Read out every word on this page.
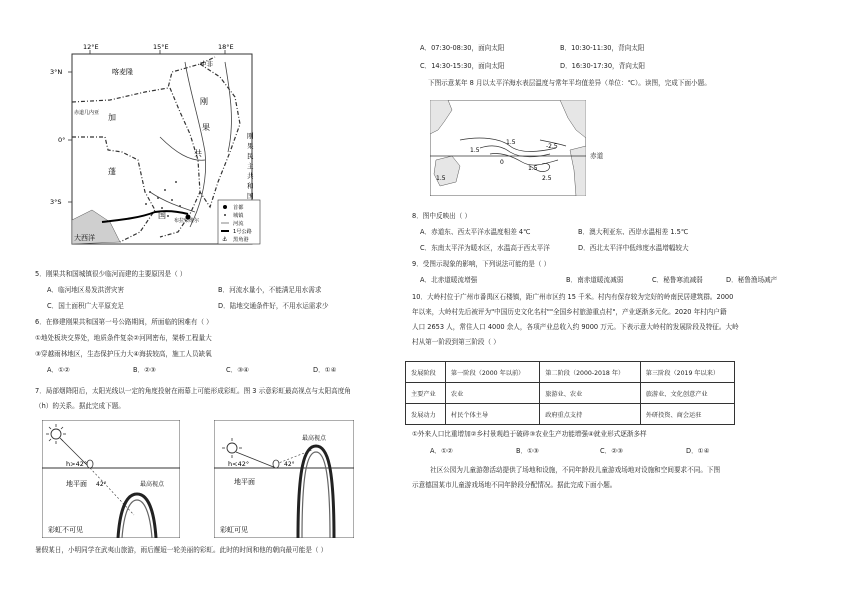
12°E	15°E	18°E
3°N
0°
3°S
喀麦隆
中非
赤道几内亚 加
蓬
刚
果
共
国
刚
果
民
主
共
和
国
大西洋
布拉柴维尔
首都
城镇
河流
1号公路
⚓ 黑角港
5．刚果共和国城镇很少临河而建的主要原因是（ ）
A．临河地区易发洪涝灾害	B．河流水量小，不能满足用水需求
C．国土面积广大平原充足	D．陆地交通条件好，不用水运需求少
6．在修建刚果共和国第一号公路期间，所面临的困难有（ ）
①地处板块交界处，地质条件复杂②河网密布，架桥工程量大
③穿越雨林地区，生态保护压力大④海拔较高，施工人员缺氧
A．①②	B．②③	C．③④	D．①④
7．局部烟降阳后，太阳光线以一定的角度投射在雨幕上可能形成彩虹。图 3 示意彩虹最高视点与太阳高度角
（h）的关系。据此完成下题。
h>42°
42°
地平面	最高视点
彩虹不可见
h<42°	42°
地平面
最高视点
彩虹可见
暑假某日，小明同学在武夷山旅游，雨后邂逅一轮美丽的彩虹。此时的时间和他的朝向最可能是（ ）
A．07:30-08:30，面向太阳	B．10:30-11:30，背向太阳
C．14:30-15:30，面向太阳	D．16:30-17:30，背向太阳
下图示意某年 8 月以太平洋海水表层温度与常年平均值差异（单位：℃）。读图，完成下面小题。
1.5
1.5
-2.5
0
1.5	2.5
1.5
赤道
8．图中反映出（ ）
A．赤道东、西太平洋水温度相差 4℃	B．澳大利亚东、西岸水温相差 1.5℃
C．东南太平洋为暖水区，水温高于西太平洋	D．西北太平洋中低纬度水温增幅较大
9．受图示现象的影响，下列说法可能的是（ ）
A．北赤道暖流增强	B．南赤道暖流减弱	C．秘鲁寒流减弱	D．秘鲁渔场减产
10．大岭村位于广州市番禺区石楼镇，距广州市区约 15 千米。村内有保存较为完好的岭南民居建筑群。2000
年以来，大岭村先后被评为"中国历史文化名村""全国乡村旅游重点村"，产业逐渐多元化。2020 年村内户籍
人口 2653 人，常住人口 4000 余人，各项产业总收入约 9000 万元。下表示意大岭村的发展阶段及特征。大岭
村从第一阶段到第三阶段（ ）
发展阶段	第一阶段（2000 年以前）	第二阶段（2000-2018 年）	第三阶段（2019 年以来）
主要产业	农业	旅游业、农业	旅游业、文化创意产业
发展动力	村民个体主导	政府重点支持	外研投资、商会运驻
①外来人口比重增加②乡村景观趋于破碎③农业生产功能增强④就业形式逐渐多样
A．①②	B．①③	C．②③	D．①④
社区公园为儿童游憩活动提供了场地和设施，不同年龄段儿童游戏场地对设施和空间要求不同。下图
示意德国某市儿童游戏场地不同年龄段分配情况。据此完成下面小题。
